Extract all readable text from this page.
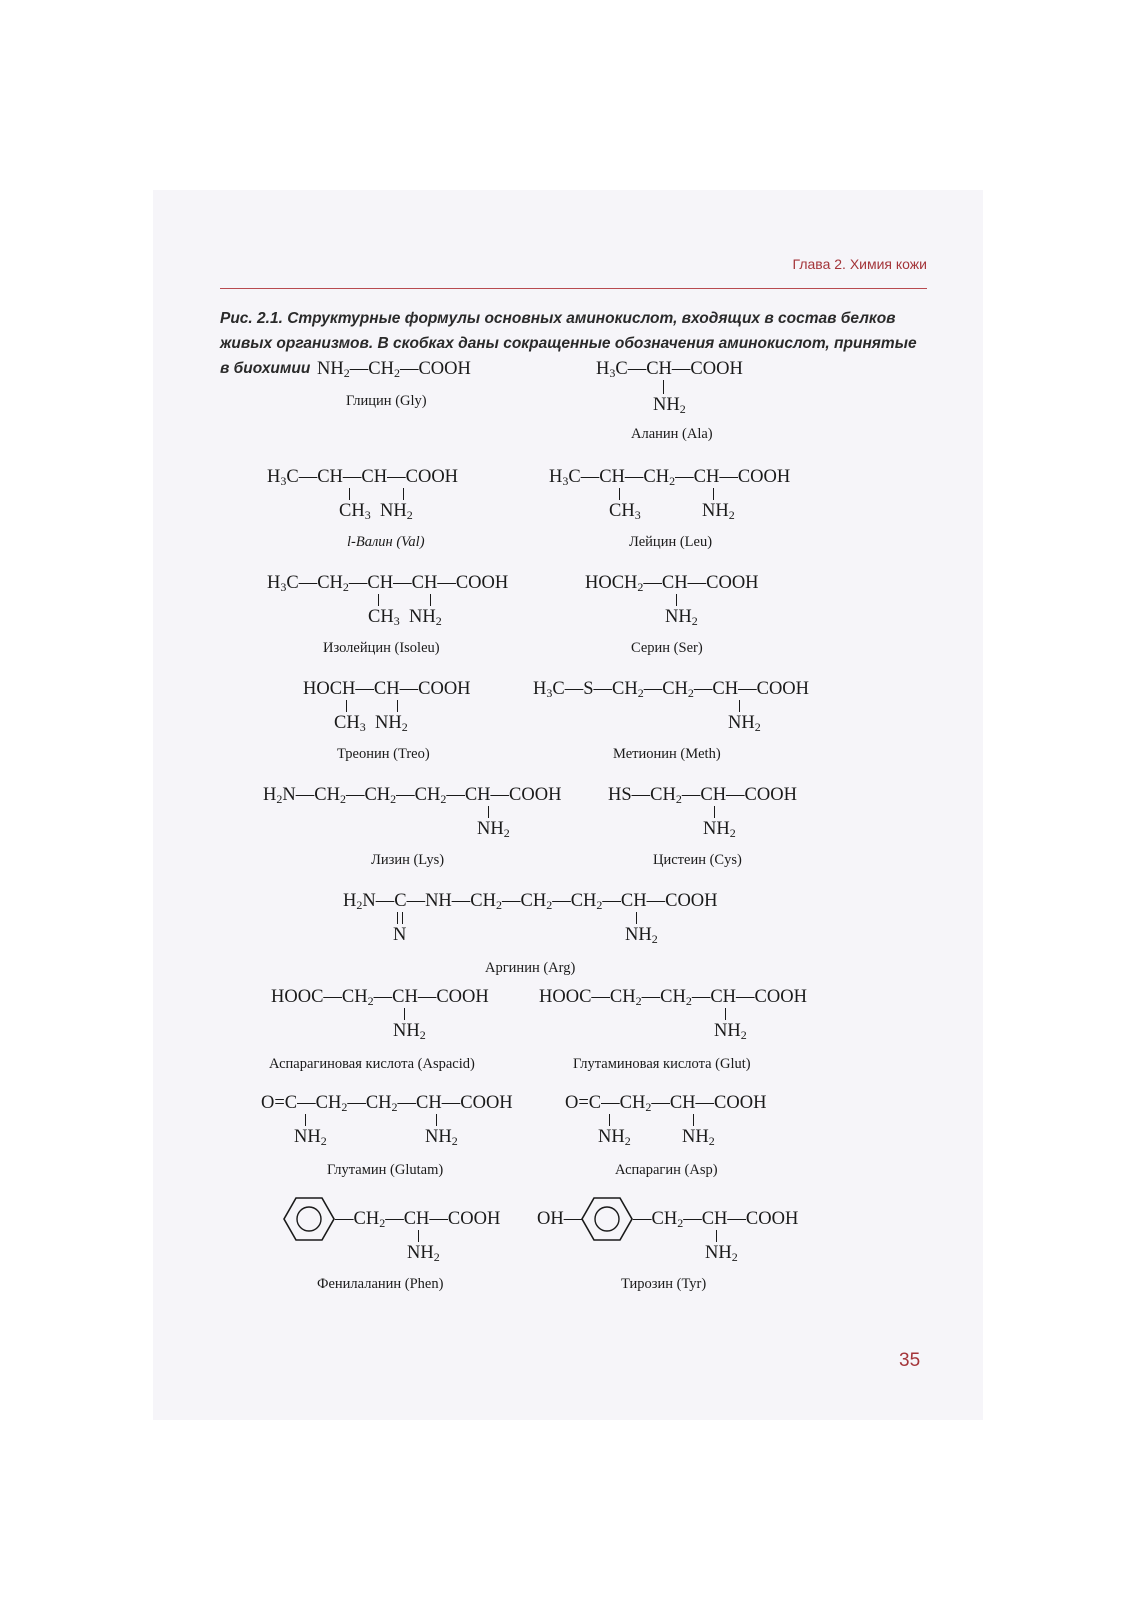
Глава 2. Химия кожи
Рис. 2.1. Структурные формулы основных аминокислот, входящих в состав белков живых организмов. В скобках даны сокращенные обозначения аминокислот, принятые в биохимии $NH_2—CH_2—COOH$
Глицин (Gly)
$H_3C—CH—COOH$
$NH_2$
Аланин (Ala)
$H_3C—CH—CH—COOH$
$CH_3$  $NH_2$
l-Валин (Val)
$H_3C—CH—CH_2—CH—COOH$
$CH_3$	$NH_2$
Лейцин (Leu)
$H_3C—CH_2—CH—CH—COOH$
$CH_3$  $NH_2$
Изолейцин (Isoleu)
$HOCH_2—CH—COOH$
$NH_2$
Серин (Ser)
HOCH—CH—COOH
$CH_3$  $NH_2$
Треонин (Treo)
$H_3C—S—CH_2—CH_2—CH—COOH$
$NH_2$
Метионин (Meth)
$H_2N—CH_2—CH_2—CH_2—CH—COOH$
$NH_2$
Лизин (Lys)
$HS—CH_2—CH—COOH$
$NH_2$
Цистеин (Cys)
$H_2N—C—NH—CH_2—CH_2—CH_2—CH—COOH$
N	$NH_2$
Аргинин (Arg)
$HOOC—CH_2—CH—COOH$
$NH_2$
Аспарагиновая кислота (Aspacid)
$HOOC—CH_2—CH_2—CH—COOH$
$NH_2$
Глутаминовая кислота (Glut)
$O=C—CH_2—CH_2—CH—COOH$
$NH_2$	$NH_2$
Глутамин (Glutam)
$O=C—CH_2—CH—COOH$
$NH_2$	$NH_2$
Аспарагин (Asp)
$—CH_2—CH—COOH$
$NH_2$
Фенилаланин (Phen)
OH—	$—CH_2—CH—COOH$
$NH_2$
Тирозин (Tyr)
35
